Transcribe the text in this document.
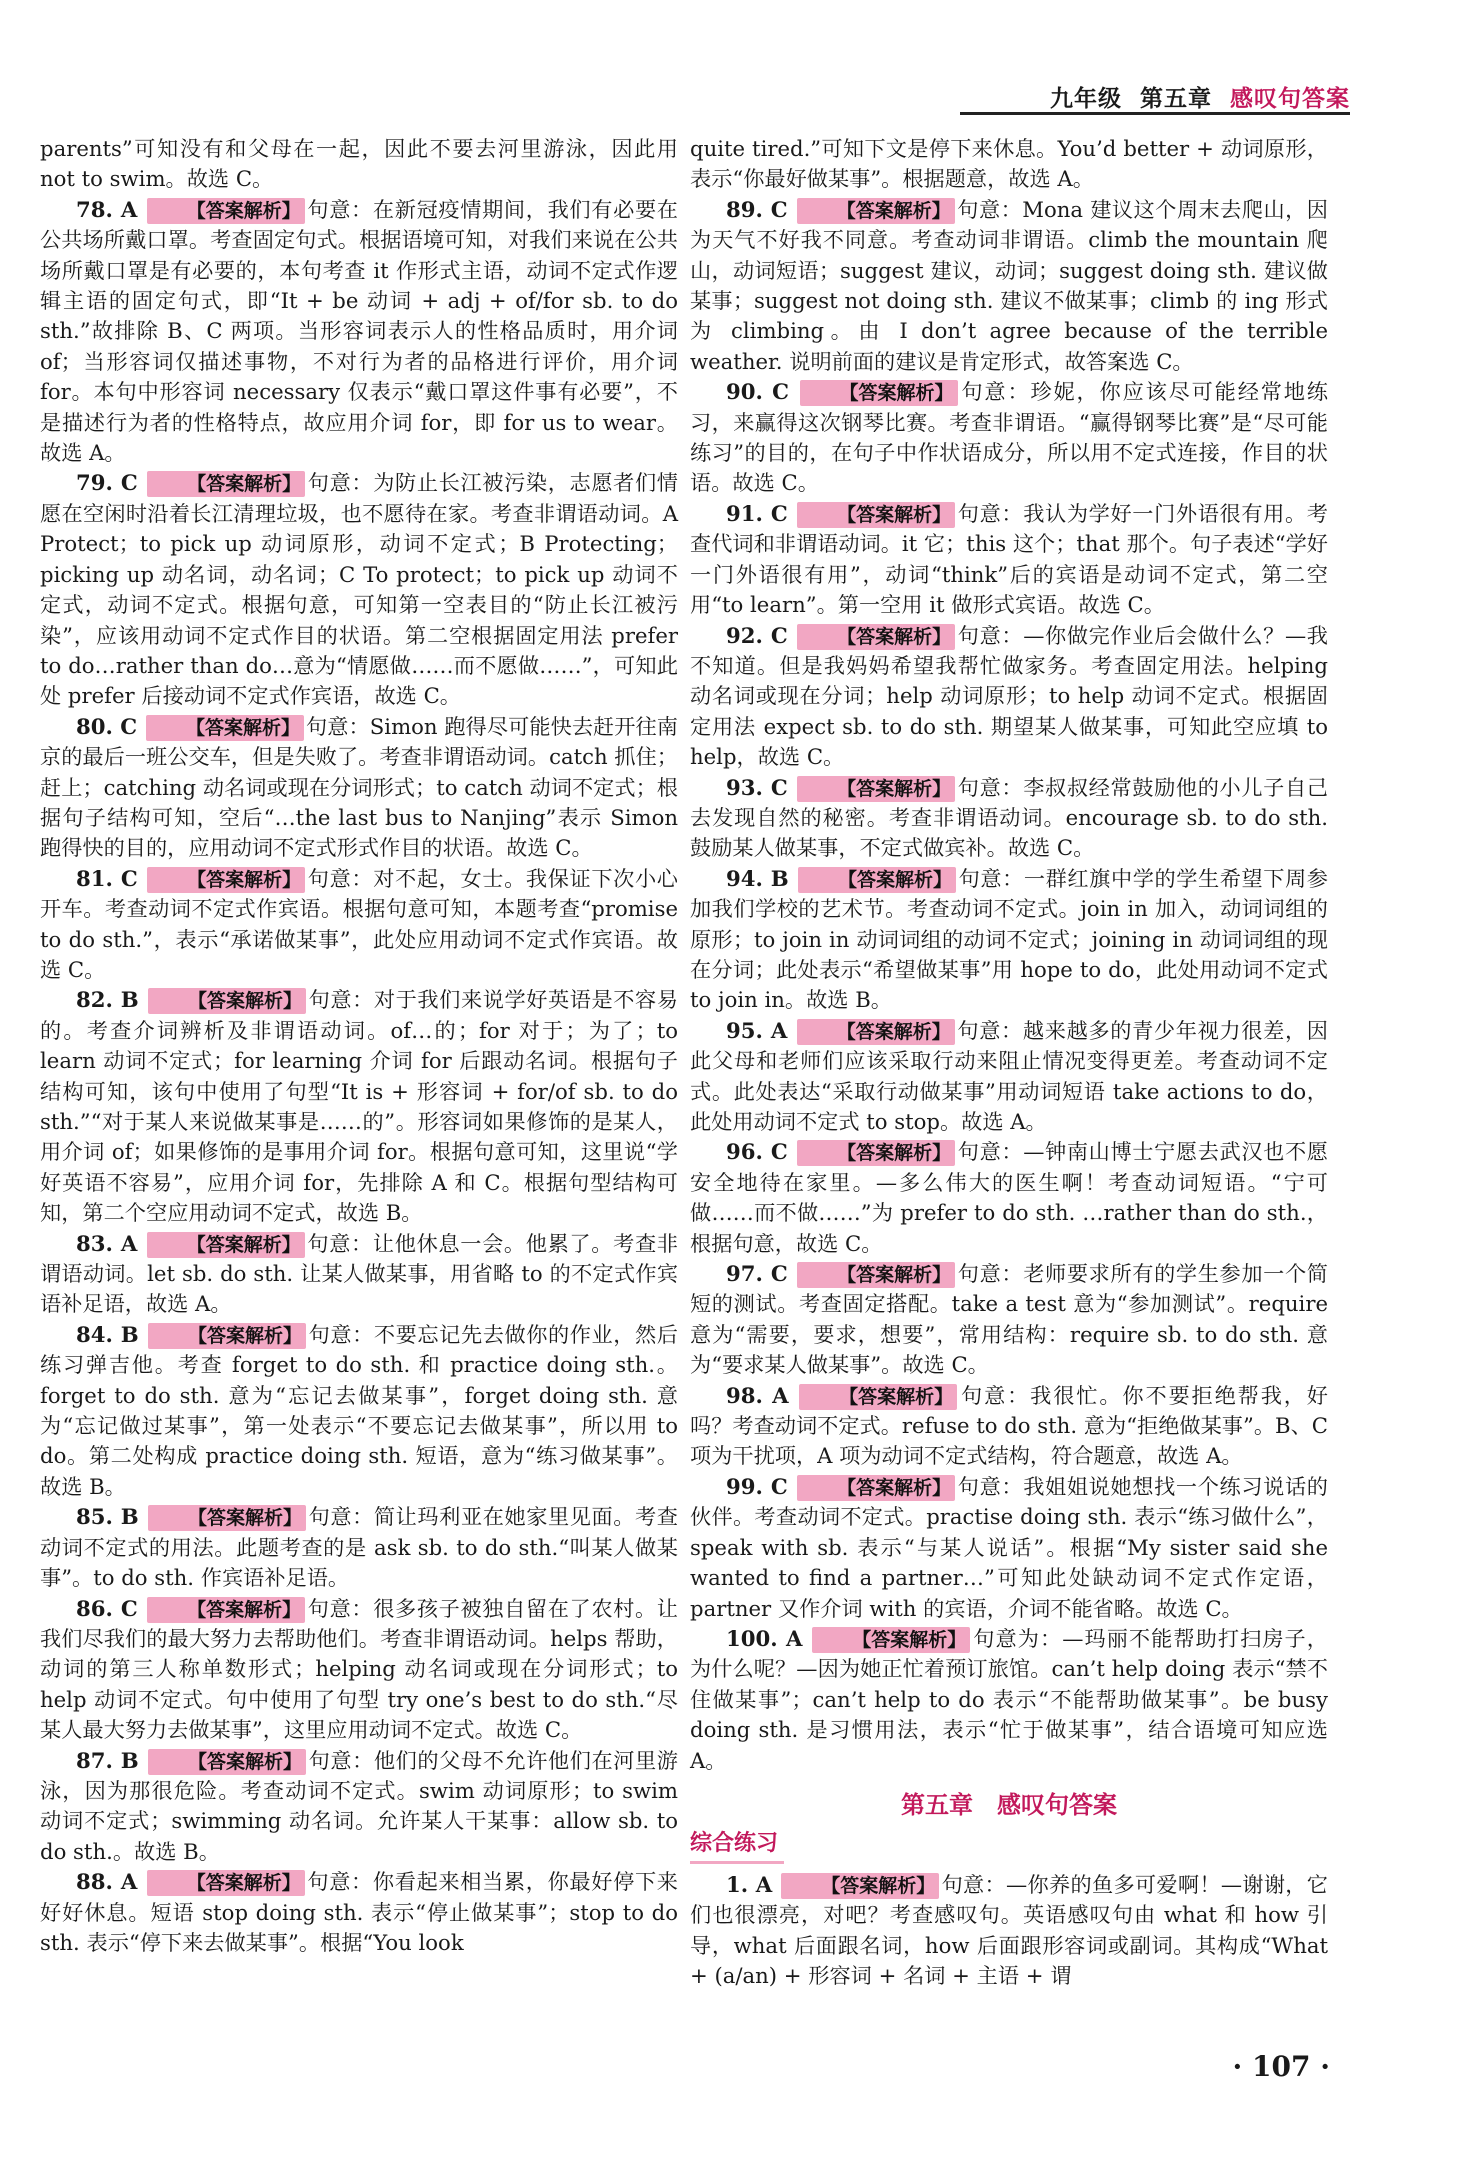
九年级 第五章 感叹句答案

parents”可知没有和父母在一起，因此不要去河里游泳，因此用 not to swim。故选 C。

78. A	【答案解析】 句意：在新冠疫情期间，我们有必要在公共场所戴口罩。考查固定句式。根据语境可知，对我们来说在公共场所戴口罩是有必要的，本句考查 it 作形式主语，动词不定式作逻辑主语的固定句式，即“It + be 动词 + adj + of/for sb. to do sth.”故排除 B、C 两项。当形容词表示人的性格品质时，用介词 of；当形容词仅描述事物，不对行为者的品格进行评价，用介词 for。本句中形容词 necessary 仅表示“戴口罩这件事有必要”，不是描述行为者的性格特点，故应用介词 for，即 for us to wear。故选 A。

79. C	【答案解析】 句意：为防止长江被污染，志愿者们情愿在空闲时沿着长江清理垃圾，也不愿待在家。考查非谓语动词。A Protect；to pick up 动词原形，动词不定式；B Protecting；picking up 动名词，动名词；C To protect；to pick up 动词不定式，动词不定式。根据句意，可知第一空表目的“防止长江被污染”，应该用动词不定式作目的状语。第二空根据固定用法 prefer to do…rather than do…意为“情愿做……而不愿做……”，可知此处 prefer 后接动词不定式作宾语，故选 C。

80. C	【答案解析】 句意：Simon 跑得尽可能快去赶开往南京的最后一班公交车，但是失败了。考查非谓语动词。catch 抓住；赶上；catching 动名词或现在分词形式；to catch 动词不定式；根据句子结构可知，空后“…the last bus to Nanjing”表示 Simon 跑得快的目的，应用动词不定式形式作目的状语。故选 C。

81. C	【答案解析】 句意：对不起，女士。我保证下次小心开车。考查动词不定式作宾语。根据句意可知，本题考查“promise to do sth.”，表示“承诺做某事”，此处应用动词不定式作宾语。故选 C。

82. B	【答案解析】 句意：对于我们来说学好英语是不容易的。考查介词辨析及非谓语动词。of…的；for 对于；为了；to learn 动词不定式；for learning 介词 for 后跟动名词。根据句子结构可知，该句中使用了句型“It is + 形容词 + for/of sb. to do sth.”“对于某人来说做某事是……的”。形容词如果修饰的是某人，用介词 of；如果修饰的是事用介词 for。根据句意可知，这里说“学好英语不容易”，应用介词 for，先排除 A 和 C。根据句型结构可知，第二个空应用动词不定式，故选 B。

83. A	【答案解析】 句意：让他休息一会。他累了。考查非谓语动词。let sb. do sth. 让某人做某事，用省略 to 的不定式作宾语补足语，故选 A。

84. B	【答案解析】 句意：不要忘记先去做你的作业，然后练习弹吉他。考查 forget to do sth. 和 practice doing sth.。forget to do sth. 意为“忘记去做某事”，forget doing sth. 意为“忘记做过某事”，第一处表示“不要忘记去做某事”，所以用 to do。第二处构成 practice doing sth. 短语，意为“练习做某事”。故选 B。

85. B	【答案解析】 句意：简让玛利亚在她家里见面。考查动词不定式的用法。此题考查的是 ask sb. to do sth.“叫某人做某事”。to do sth. 作宾语补足语。

86. C	【答案解析】 句意：很多孩子被独自留在了农村。让我们尽我们的最大努力去帮助他们。考查非谓语动词。helps 帮助，动词的第三人称单数形式；helping 动名词或现在分词形式；to help 动词不定式。句中使用了句型 try one’s best to do sth.“尽某人最大努力去做某事”，这里应用动词不定式。故选 C。

87. B	【答案解析】 句意：他们的父母不允许他们在河里游泳，因为那很危险。考查动词不定式。swim 动词原形；to swim 动词不定式；swimming 动名词。允许某人干某事：allow sb. to do sth.。故选 B。

88. A	【答案解析】 句意：你看起来相当累，你最好停下来好好休息。短语 stop doing sth. 表示“停止做某事”；stop to do sth. 表示“停下来去做某事”。根据“You look

quite tired.”可知下文是停下来休息。You’d better + 动词原形，表示“你最好做某事”。根据题意，故选 A。

89. C	【答案解析】 句意：Mona 建议这个周末去爬山，因为天气不好我不同意。考查动词非谓语。climb the mountain 爬山，动词短语；suggest 建议，动词；suggest doing sth. 建议做某事；suggest not doing sth. 建议不做某事；climb 的 ing 形式为 climbing。由 I don’t agree because of the terrible weather. 说明前面的建议是肯定形式，故答案选 C。

90. C	【答案解析】 句意：珍妮，你应该尽可能经常地练习，来赢得这次钢琴比赛。考查非谓语。“赢得钢琴比赛”是“尽可能练习”的目的，在句子中作状语成分，所以用不定式连接，作目的状语。故选 C。

91. C	【答案解析】 句意：我认为学好一门外语很有用。考查代词和非谓语动词。it 它；this 这个；that 那个。句子表述“学好一门外语很有用”，动词“think”后的宾语是动词不定式，第二空用“to learn”。第一空用 it 做形式宾语。故选 C。

92. C	【答案解析】 句意：—你做完作业后会做什么？—我不知道。但是我妈妈希望我帮忙做家务。考查固定用法。helping 动名词或现在分词；help 动词原形；to help 动词不定式。根据固定用法 expect sb. to do sth. 期望某人做某事，可知此空应填 to help，故选 C。

93. C	【答案解析】 句意：李叔叔经常鼓励他的小儿子自己去发现自然的秘密。考查非谓语动词。encourage sb. to do sth. 鼓励某人做某事，不定式做宾补。故选 C。

94. B	【答案解析】 句意：一群红旗中学的学生希望下周参加我们学校的艺术节。考查动词不定式。join in 加入，动词词组的原形；to join in 动词词组的动词不定式；joining in 动词词组的现在分词；此处表示“希望做某事”用 hope to do，此处用动词不定式 to join in。故选 B。

95. A	【答案解析】 句意：越来越多的青少年视力很差，因此父母和老师们应该采取行动来阻止情况变得更差。考查动词不定式。此处表达“采取行动做某事”用动词短语 take actions to do，此处用动词不定式 to stop。故选 A。

96. C	【答案解析】 句意：—钟南山博士宁愿去武汉也不愿安全地待在家里。—多么伟大的医生啊！考查动词短语。“宁可做……而不做……”为 prefer to do sth. …rather than do sth.，根据句意，故选 C。

97. C	【答案解析】 句意：老师要求所有的学生参加一个简短的测试。考查固定搭配。take a test 意为“参加测试”。require 意为“需要，要求，想要”，常用结构：require sb. to do sth. 意为“要求某人做某事”。故选 C。

98. A	【答案解析】 句意：我很忙。你不要拒绝帮我，好吗？考查动词不定式。refuse to do sth. 意为“拒绝做某事”。B、C 项为干扰项，A 项为动词不定式结构，符合题意，故选 A。

99. C	【答案解析】 句意：我姐姐说她想找一个练习说话的伙伴。考查动词不定式。practise doing sth. 表示“练习做什么”，speak with sb. 表示“与某人说话”。根据“My sister said she wanted to find a partner…”可知此处缺动词不定式作定语，partner 又作介词 with 的宾语，介词不能省略。故选 C。

100. A	【答案解析】 句意为：—玛丽不能帮助打扫房子，为什么呢？—因为她正忙着预订旅馆。can’t help doing 表示“禁不住做某事”；can’t help to do 表示“不能帮助做某事”。be busy doing sth. 是习惯用法，表示“忙于做某事”，结合语境可知应选 A。

第五章　感叹句答案
综合练习

1. A	【答案解析】 句意：—你养的鱼多可爱啊！—谢谢，它们也很漂亮，对吧？考查感叹句。英语感叹句由 what 和 how 引导，what 后面跟名词，how 后面跟形容词或副词。其构成“What + (a/an) + 形容词 + 名词 + 主语 + 谓

· 107 ·
